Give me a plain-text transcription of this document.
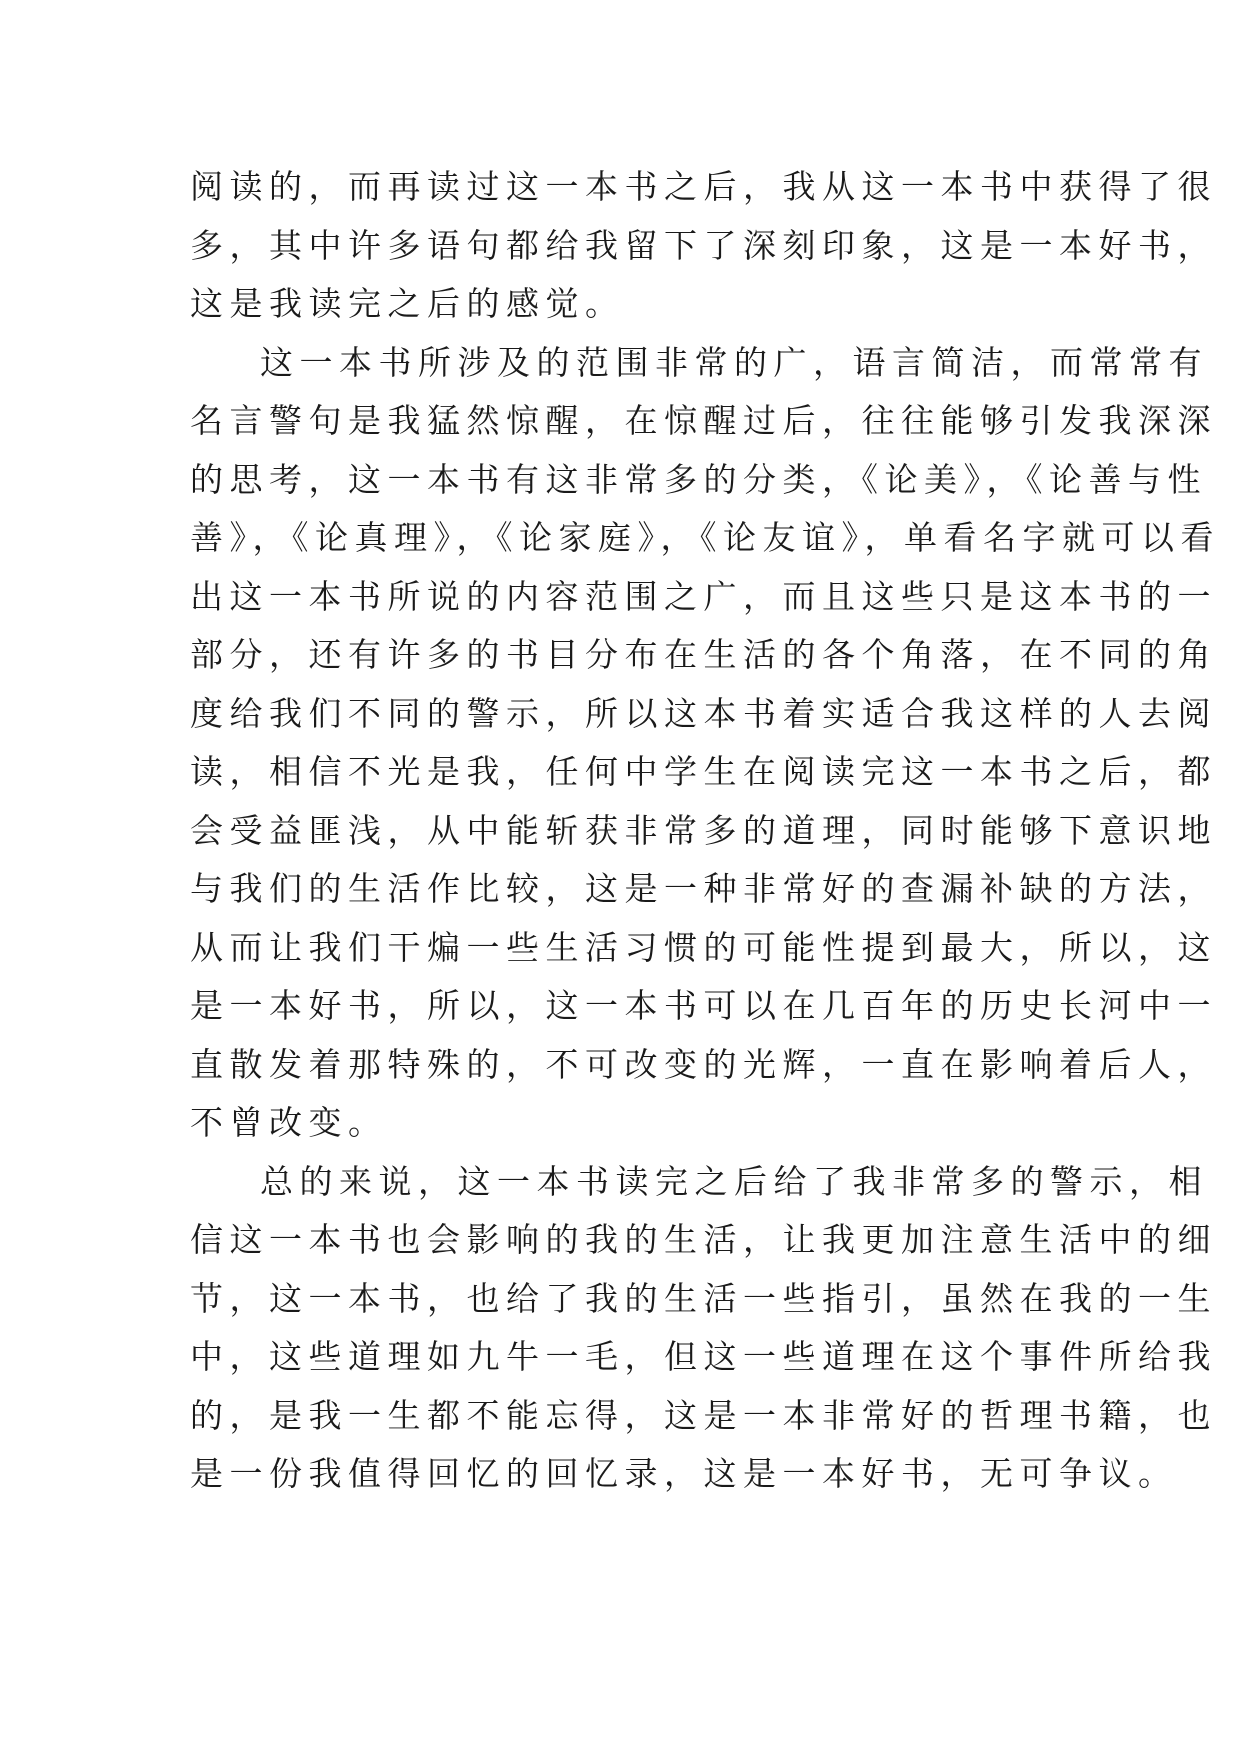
阅读的，而再读过这一本书之后，我从这一本书中获得了很
多，其中许多语句都给我留下了深刻印象，这是一本好书，
这是我读完之后的感觉。
这一本书所涉及的范围非常的广，语言简洁，而常常有
名言警句是我猛然惊醒，在惊醒过后，往往能够引发我深深
的思考，这一本书有这非常多的分类，《论美》，《论善与性
善》，《论真理》，《论家庭》，《论友谊》，单看名字就可以看
出这一本书所说的内容范围之广，而且这些只是这本书的一
部分，还有许多的书目分布在生活的各个角落，在不同的角
度给我们不同的警示，所以这本书着实适合我这样的人去阅
读，相信不光是我，任何中学生在阅读完这一本书之后，都
会受益匪浅，从中能斩获非常多的道理，同时能够下意识地
与我们的生活作比较，这是一种非常好的查漏补缺的方法，
从而让我们干煸一些生活习惯的可能性提到最大，所以，这
是一本好书，所以，这一本书可以在几百年的历史长河中一
直散发着那特殊的，不可改变的光辉，一直在影响着后人，
不曾改变。
总的来说，这一本书读完之后给了我非常多的警示，相
信这一本书也会影响的我的生活，让我更加注意生活中的细
节，这一本书，也给了我的生活一些指引，虽然在我的一生
中，这些道理如九牛一毛，但这一些道理在这个事件所给我
的，是我一生都不能忘得，这是一本非常好的哲理书籍，也
是一份我值得回忆的回忆录，这是一本好书，无可争议。
